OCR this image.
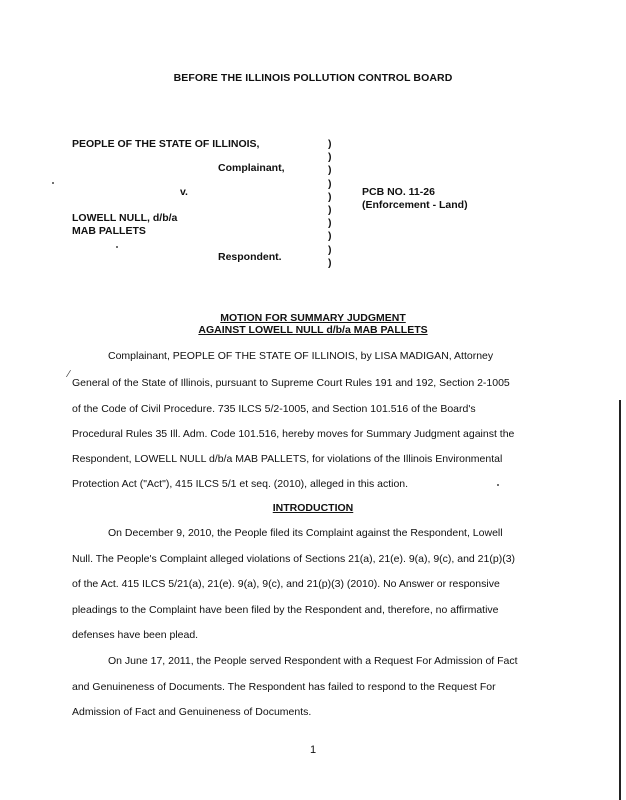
BEFORE THE ILLINOIS POLLUTION CONTROL BOARD
PEOPLE OF THE STATE OF ILLINOIS,
Complainant,
v.
LOWELL NULL, d/b/a
MAB PALLETS
Respondent.
PCB NO. 11-26
(Enforcement - Land)
)
)
)
)
)
)
)
)
)
)
MOTION FOR SUMMARY JUDGMENT
AGAINST LOWELL NULL d/b/a MAB PALLETS
Complainant, PEOPLE OF THE STATE OF ILLINOIS, by LISA MADIGAN, Attorney
∕
General of the State of Illinois, pursuant to Supreme Court Rules 191 and 192, Section 2-1005
of the Code of Civil Procedure. 735 ILCS 5/2-1005, and Section 101.516 of the Board's
Procedural Rules 35 Ill. Adm. Code 101.516, hereby moves for Summary Judgment against the
Respondent, LOWELL NULL d/b/a MAB PALLETS, for violations of the Illinois Environmental
Protection Act ("Act"), 415 ILCS 5/1 et seq. (2010), alleged in this action.
INTRODUCTION
On December 9, 2010, the People filed its Complaint against the Respondent, Lowell
Null. The People's Complaint alleged violations of Sections 21(a), 21(e). 9(a), 9(c), and 21(p)(3)
of the Act. 415 ILCS 5/21(a), 21(e). 9(a), 9(c), and 21(p)(3) (2010). No Answer or responsive
pleadings to the Complaint have been filed by the Respondent and, therefore, no affirmative
defenses have been plead.
On June 17, 2011, the People served Respondent with a Request For Admission of Fact
and Genuineness of Documents. The Respondent has failed to respond to the Request For
Admission of Fact and Genuineness of Documents.
1
